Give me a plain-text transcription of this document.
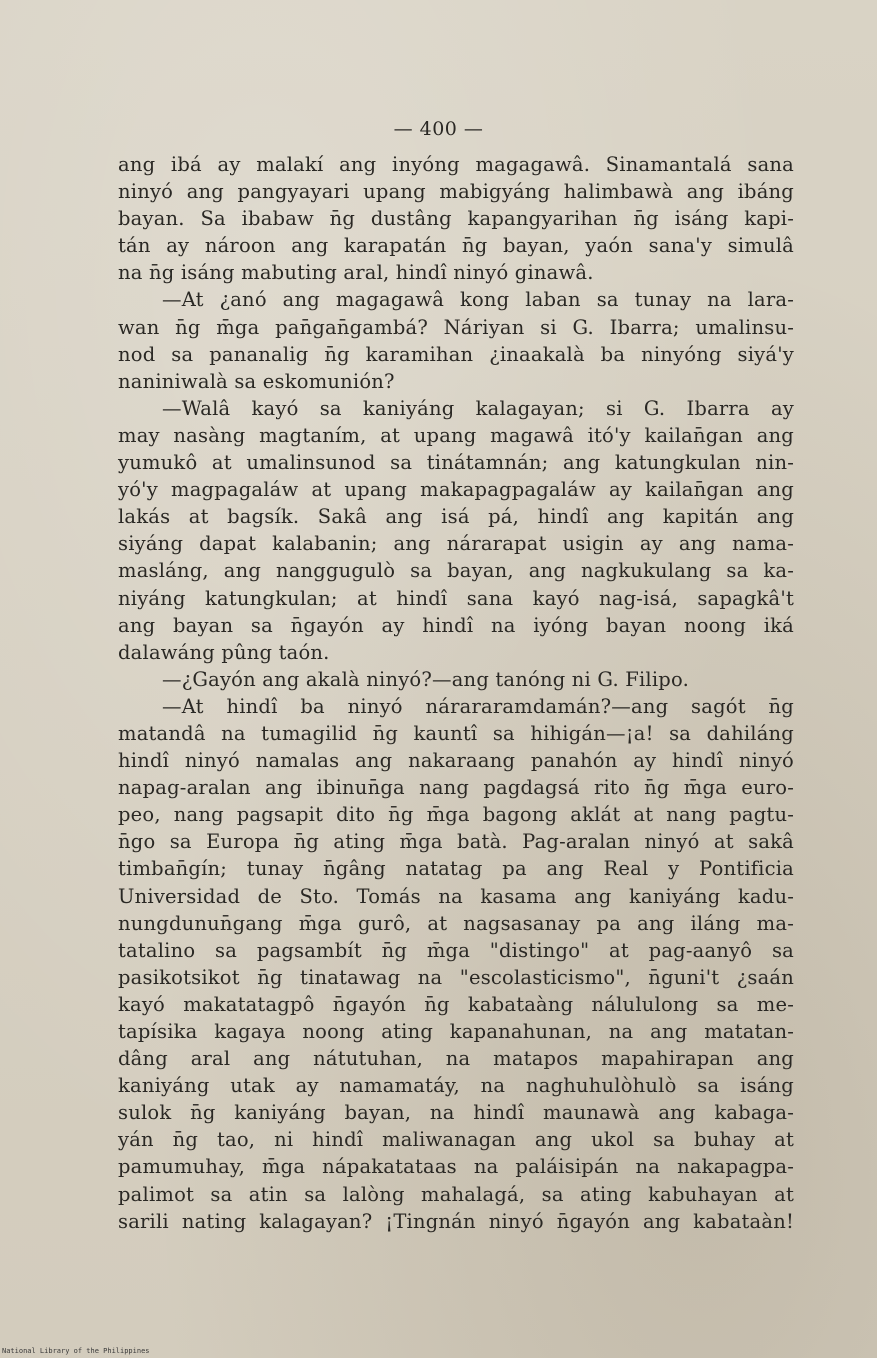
— 400 —
ang ibá ay malakí ang inyóng magagawâ. Sinamantalá sana
ninyó ang pangyayari upang mabigyáng halimbawà ang ibáng
bayan. Sa ibabaw n̄g dustâng kapangyarihan n̄g isáng kapi-
tán ay nároon ang karapatán n̄g bayan, yaón sana'y simulâ
na n̄g isáng mabuting aral, hindî ninyó ginawâ.
—At ¿anó ang magagawâ kong laban sa tunay na lara-
wan n̄g m̄ga pan̄gan̄gambá? Náriyan si G. Ibarra; umalinsu-
nod sa pananalig n̄g karamihan ¿inaakalà ba ninyóng siyá'y
naniniwalà sa eskomunión?
—Walâ kayó sa kaniyáng kalagayan; si G. Ibarra ay
may nasàng magtaním, at upang magawâ itó'y kailan̄gan ang
yumukô at umalinsunod sa tinátamnán; ang katungkulan nin-
yó'y magpagaláw at upang makapagpagaláw ay kailan̄gan ang
lakás at bagsík. Sakâ ang isá pá, hindî ang kapitán ang
siyáng dapat kalabanin; ang nárarapat usigin ay ang nama-
masláng, ang nanggugulò sa bayan, ang nagkukulang sa ka-
niyáng katungkulan; at hindî sana kayó nag-isá, sapagkâ't
ang bayan sa n̄gayón ay hindî na iyóng bayan noong iká
dalawáng pûng taón.
—¿Gayón ang akalà ninyó?—ang tanóng ni G. Filipo.
—At hindî ba ninyó nárararamdamán?—ang sagót n̄g
matandâ na tumagilid n̄g kauntî sa hihigán—¡a! sa dahiláng
hindî ninyó namalas ang nakaraang panahón ay hindî ninyó
napag-aralan ang ibinun̄ga nang pagdagsá rito n̄g m̄ga euro-
peo, nang pagsapit dito n̄g m̄ga bagong aklát at nang pagtu-
n̄go sa Europa n̄g ating m̄ga batà. Pag-aralan ninyó at sakâ
timban̄gín; tunay n̄gâng natatag pa ang Real y Pontificia
Universidad de Sto. Tomás na kasama ang kaniyáng kadu-
nungdunun̄gang m̄ga gurô, at nagsasanay pa ang iláng ma-
tatalino sa pagsambít n̄g m̄ga "distingo" at pag-aanyô sa
pasikotsikot n̄g tinatawag na "escolasticismo", n̄guni't ¿saán
kayó makatatagpô n̄gayón n̄g kabataàng nálululong sa me-
tapísika kagaya noong ating kapanahunan, na ang matatan-
dâng aral ang nátutuhan, na matapos mapahirapan ang
kaniyáng utak ay namamatáy, na naghuhulòhulò sa isáng
sulok n̄g kaniyáng bayan, na hindî maunawà ang kabaga-
yán n̄g tao, ni hindî maliwanagan ang ukol sa buhay at
pamumuhay, m̄ga nápakatataas na paláisipán na nakapagpa-
palimot sa atin sa lalòng mahalagá, sa ating kabuhayan at
sarili nating kalagayan? ¡Tingnán ninyó n̄gayón ang kabataàn!
National Library of the Philippines
